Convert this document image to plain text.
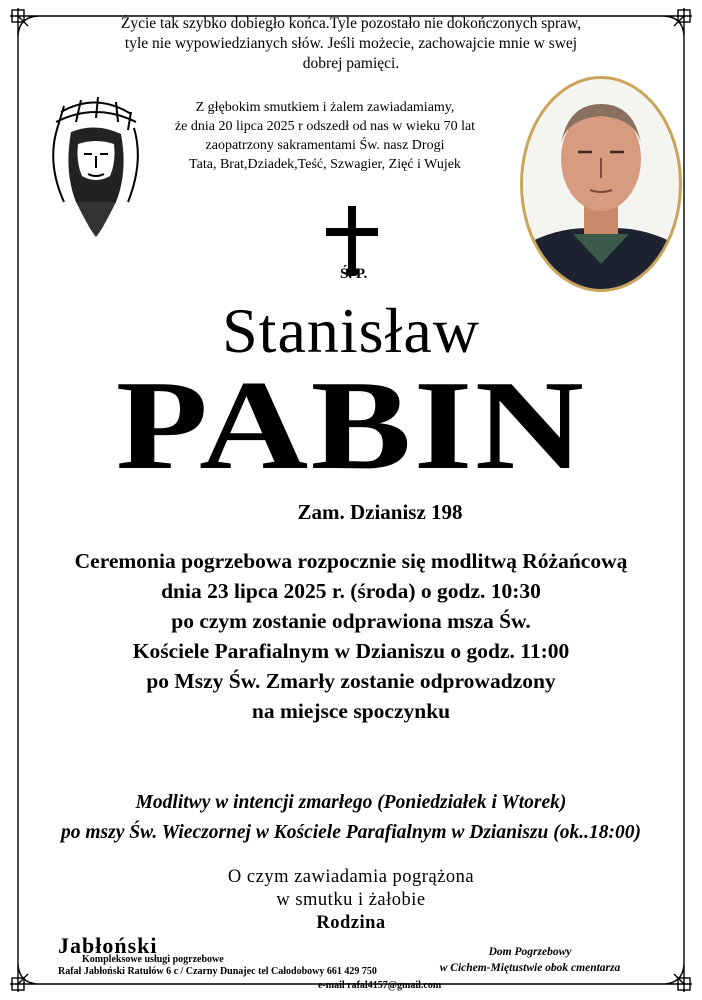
Życie tak szybko dobiegło końca.Tyle pozostało nie dokończonych spraw,
tyle nie wypowiedzianych słów. Jeśli możecie, zachowajcie mnie w swej
dobrej pamięci.
Z głębokim smutkiem i żalem zawiadamiamy,
że dnia 20 lipca 2025 r odszedł od nas w wieku 70 lat
zaopatrzony sakramentami Św. nasz Drogi
Tata, Brat,Dziadek,Teść, Szwagier, Zięć i Wujek
Ś. P.
Stanisław
PABIN
Zam. Dzianisz 198
Ceremonia pogrzebowa rozpocznie się modlitwą Różańcową
dnia 23 lipca 2025 r. (środa) o godz. 10:30
po czym zostanie odprawiona msza Św.
Kościele Parafialnym w Dzianiszu o godz. 11:00
po Mszy Św. Zmarły zostanie odprowadzony
na miejsce spoczynku
Modlitwy w intencji zmarłego (Poniedziałek i Wtorek)
po mszy Św. Wieczornej w Kościele Parafialnym w Dzianiszu (ok..18:00)
O czym zawiadamia pogrążona
w smutku i żałobie
Rodzina
Jabłoński
Kompleksowe usługi pogrzebowe
Rafał Jabłoński Ratułów 6 c / Czarny Dunajec tel Całodobowy 661 429 750
e-mail rafal4157@gmail.com
Dom Pogrzebowy
w Cichem-Miętustwie obok cmentarza
